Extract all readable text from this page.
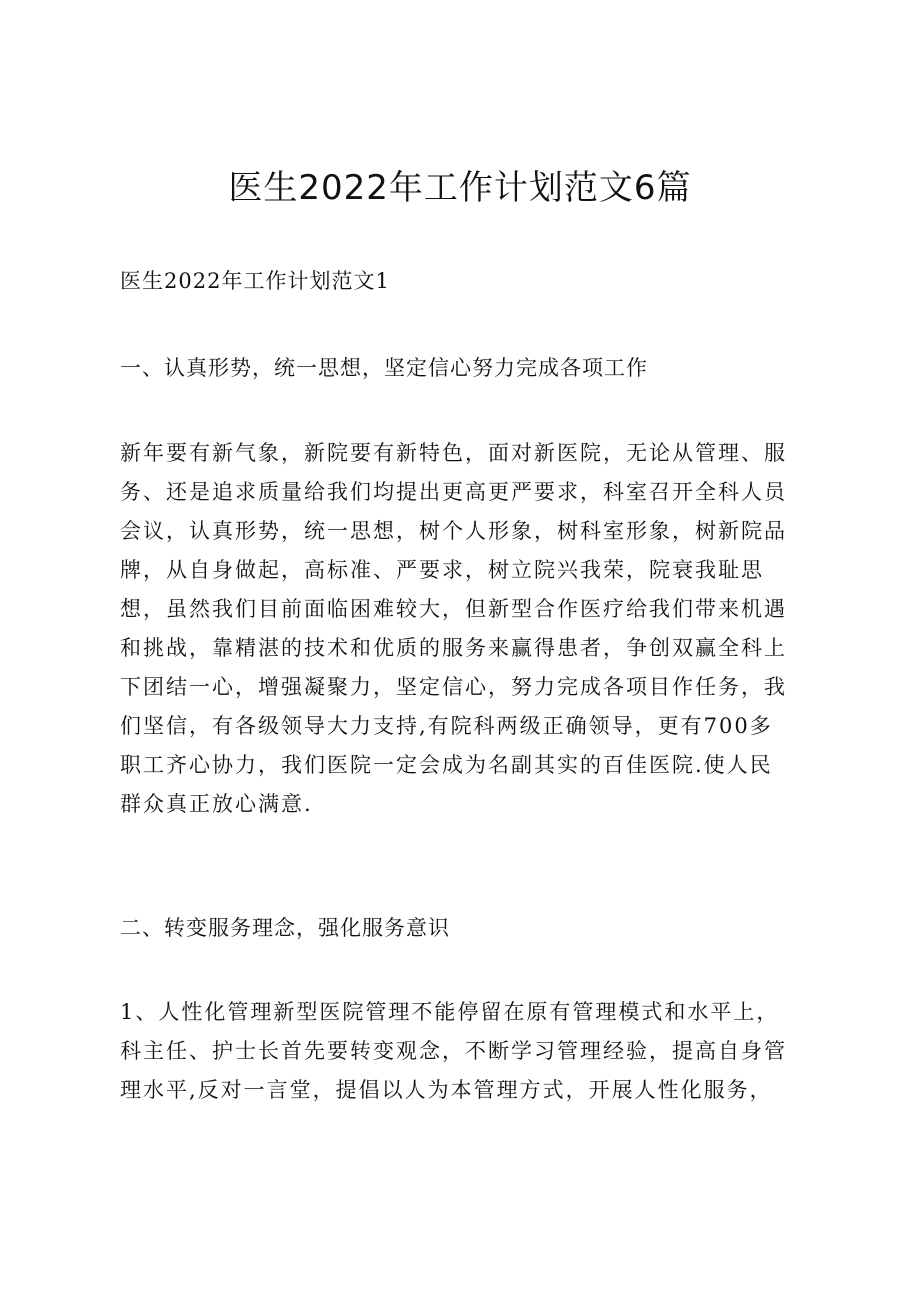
医生2022年工作计划范文6篇
医生2022年工作计划范文1
一、认真形势，统一思想，坚定信心努力完成各项工作
新年要有新气象，新院要有新特色，面对新医院，无论从管理、服
务、还是追求质量给我们均提出更高更严要求，科室召开全科人员
会议，认真形势，统一思想，树个人形象，树科室形象，树新院品
牌，从自身做起，高标准、严要求，树立院兴我荣，院衰我耻思
想，虽然我们目前面临困难较大，但新型合作医疗给我们带来机遇
和挑战，靠精湛的技术和优质的服务来赢得患者，争创双赢全科上
下团结一心，增强凝聚力，坚定信心，努力完成各项目作任务，我
们坚信，有各级领导大力支持,有院科两级正确领导，更有700多
职工齐心协力，我们医院一定会成为名副其实的百佳医院.使人民
群众真正放心满意.
二、转变服务理念，强化服务意识
1、人性化管理新型医院管理不能停留在原有管理模式和水平上，
科主任、护士长首先要转变观念，不断学习管理经验，提高自身管
理水平,反对一言堂，提倡以人为本管理方式，开展人性化服务，
